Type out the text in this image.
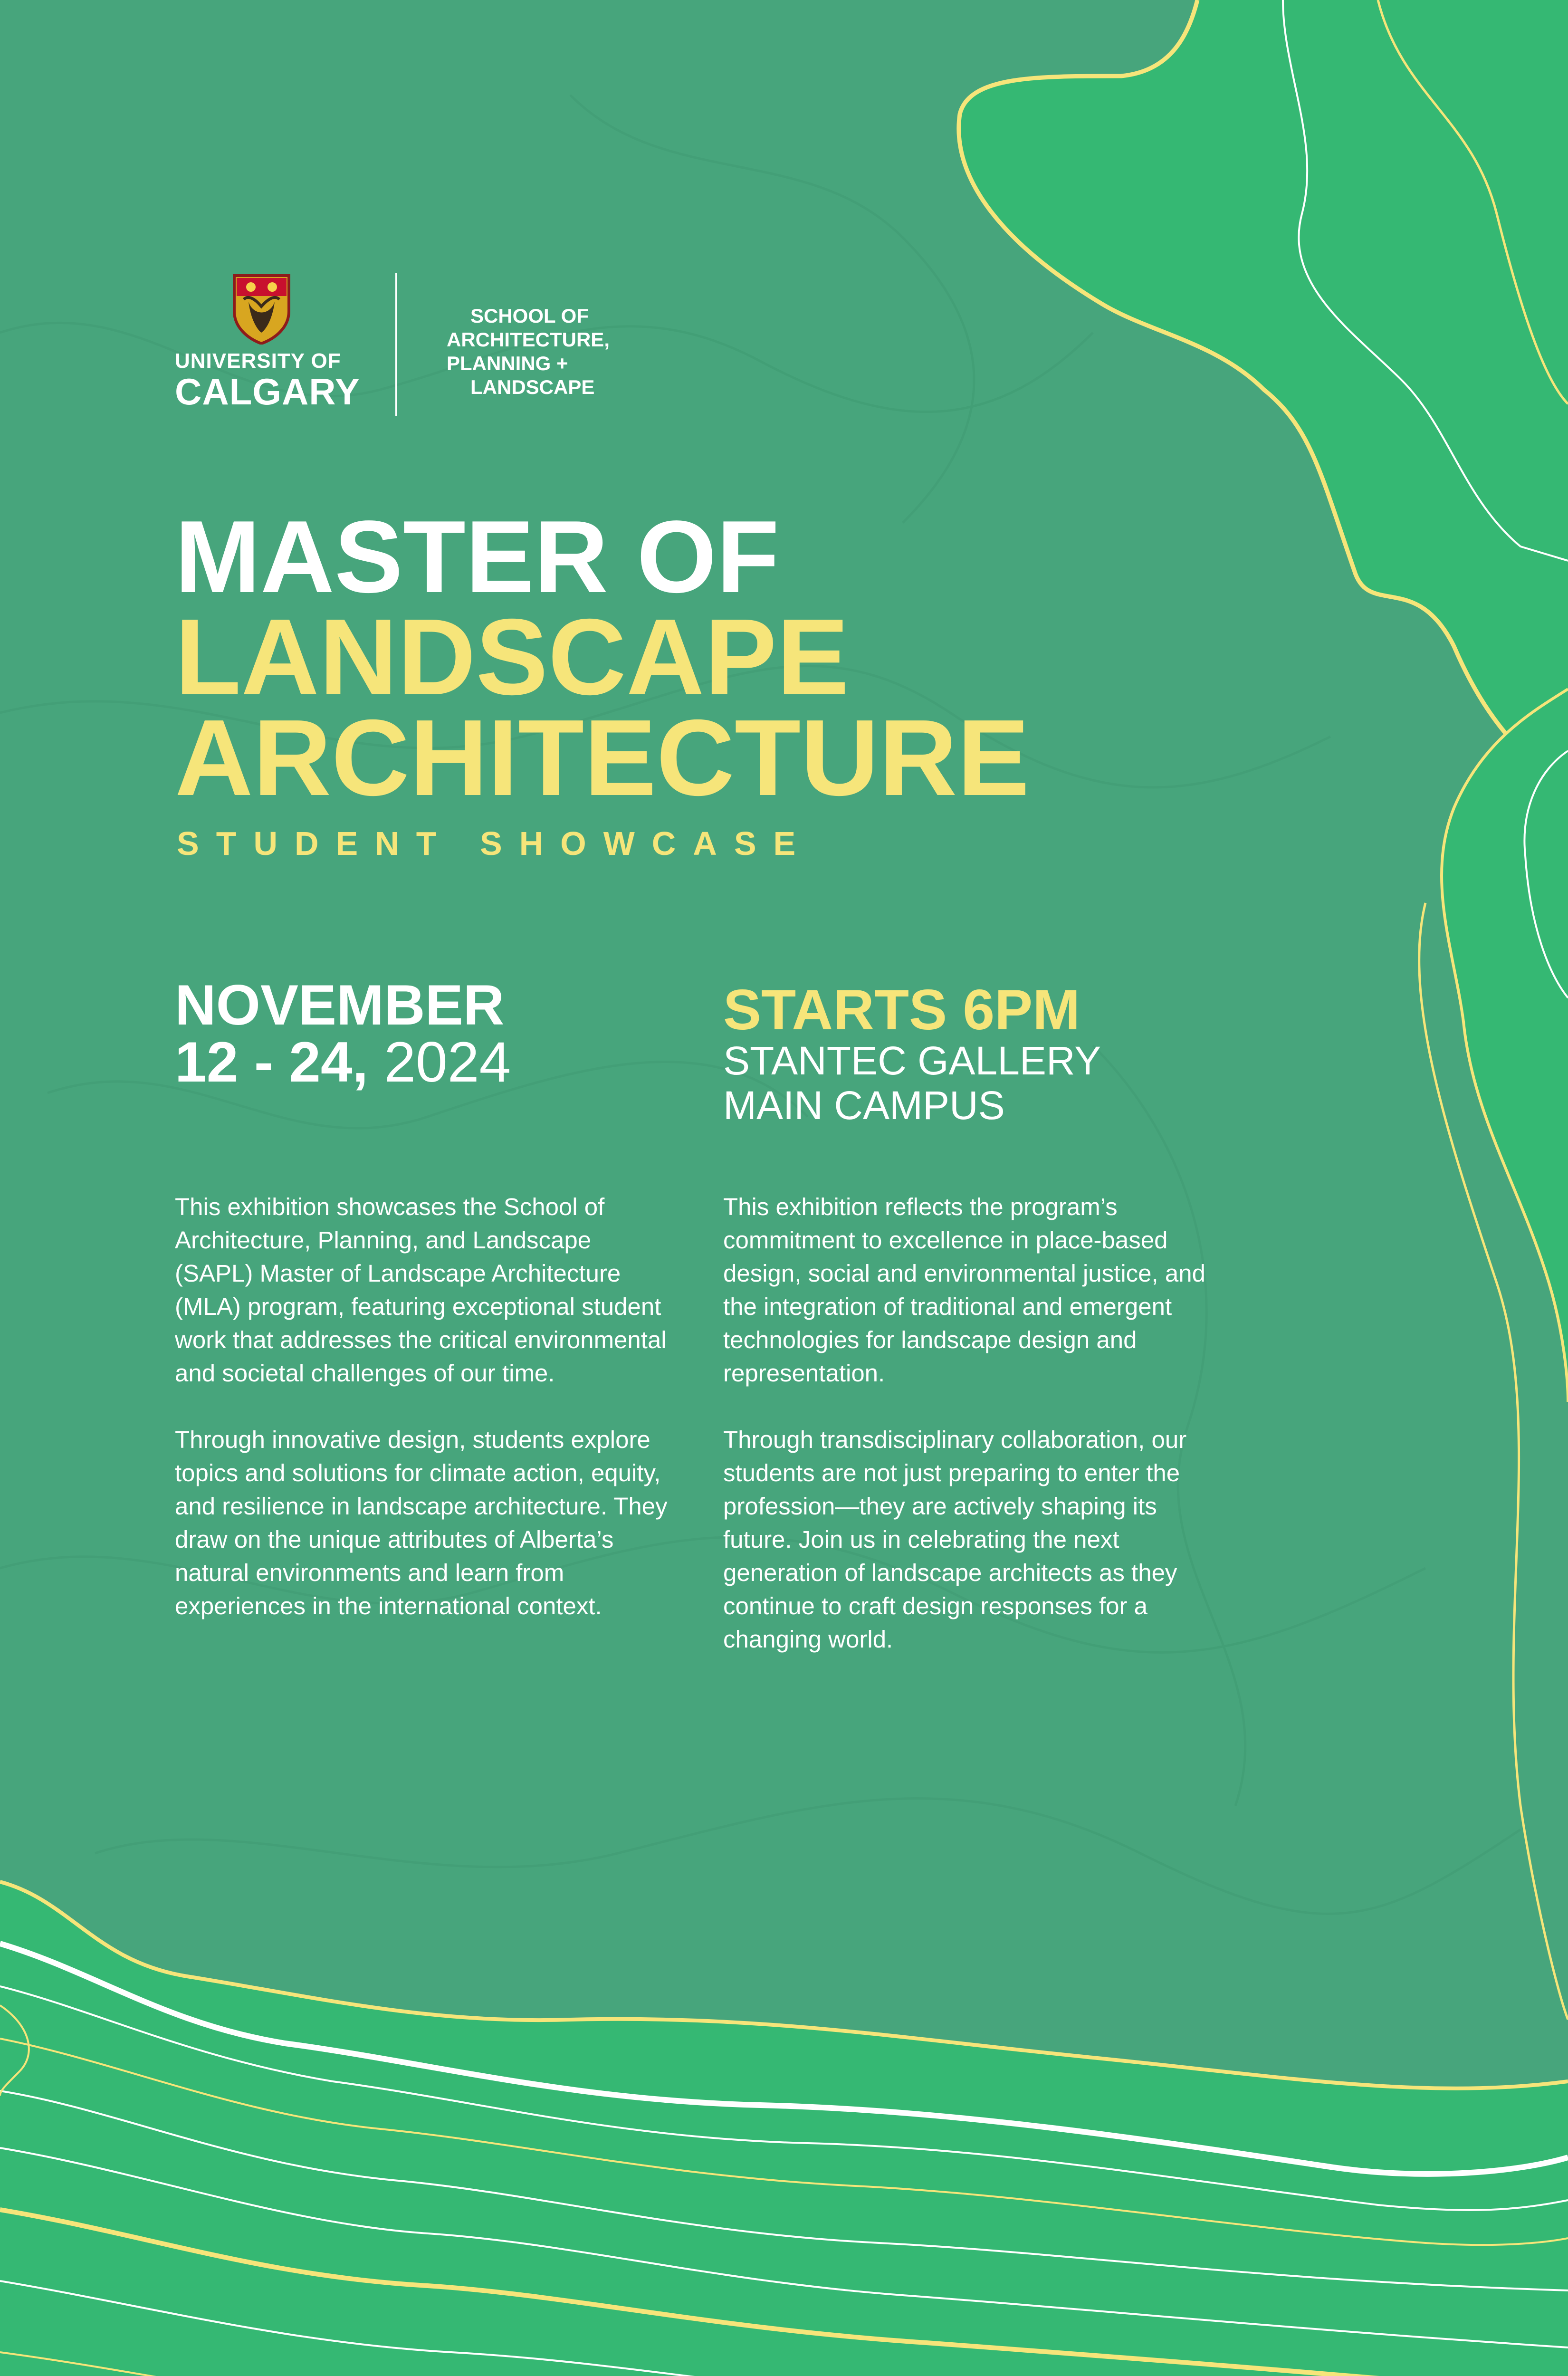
UNIVERSITY OF
CALGARY
SCHOOL OF
ARCHITECTURE,
PLANNING +
LANDSCAPE
MASTER OF
LANDSCAPE
ARCHITECTURE
STUDENT SHOWCASE
NOVEMBER
12 - 24, 2024
STARTS 6PM
STANTEC GALLERY
MAIN CAMPUS

This exhibition showcases the School of Architecture, Planning, and Landscape (SAPL) Master of Landscape Architecture (MLA) program, featuring exceptional student work that addresses the critical environmental and societal challenges of our time.

Through innovative design, students explore topics and solutions for climate action, equity, and resilience in landscape architecture. They draw on the unique attributes of Alberta’s natural environments and learn from experiences in the international context.

This exhibition reflects the program’s commitment to excellence in place-based design, social and environmental justice, and the integration of traditional and emergent technologies for landscape design and representation.

Through transdisciplinary collaboration, our students are not just preparing to enter the profession—they are actively shaping its future. Join us in celebrating the next generation of landscape architects as they continue to craft design responses for a changing world.
